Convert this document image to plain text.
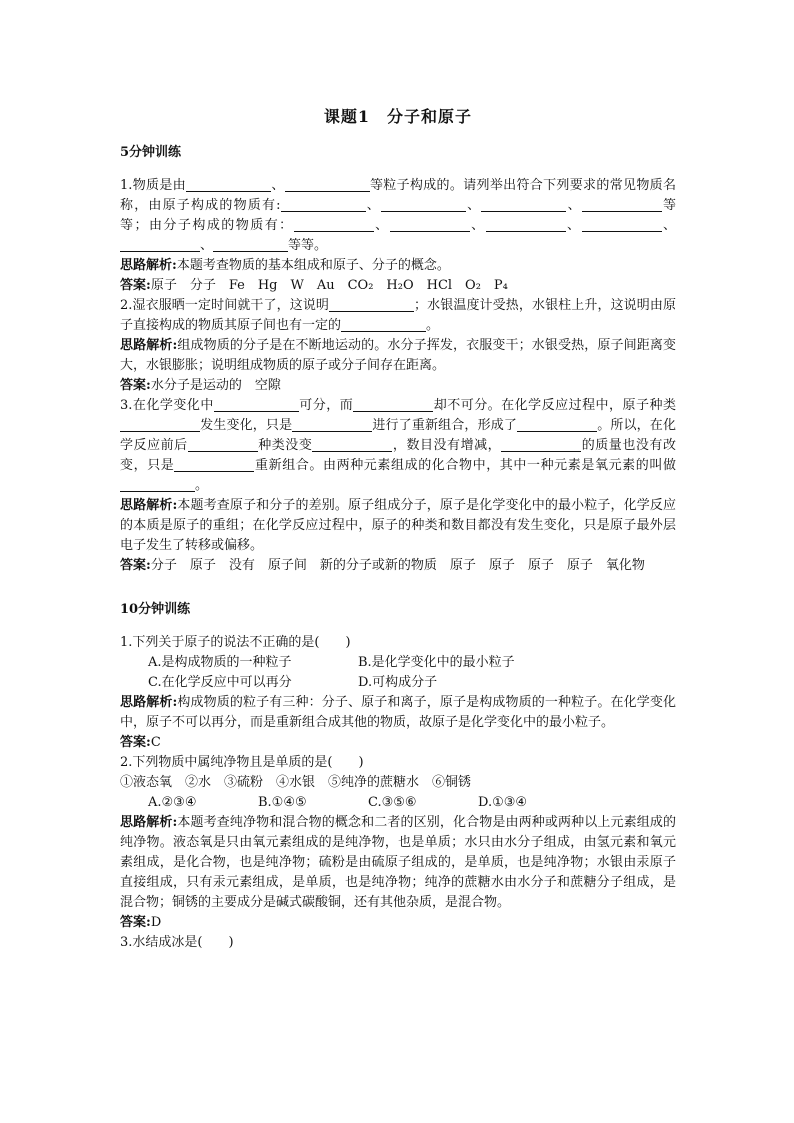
课题1　分子和原子
5分钟训练
1.物质是由	、	等粒子构成的。请列举出符合下列要求的常见物质名称，由原子构成的物质有:	、	、	、	等等；由分子构成的物质有：	、	、	、	、、	等等。
思路解析:本题考查物质的基本组成和原子、分子的概念。
答案:原子　分子　Fe　Hg　W　Au　CO₂　H₂O　HCl　O₂　P₄
2.湿衣服晒一定时间就干了，这说明	；水银温度计受热，水银柱上升，这说明由原子直接构成的物质其原子间也有一定的	。
思路解析:组成物质的分子是在不断地运动的。水分子挥发，衣服变干；水银受热，原子间距离变大，水银膨胀；说明组成物质的原子或分子间存在距离。
答案:水分子是运动的　空隙
3.在化学变化中	可分，而	却不可分。在化学反应过程中，原子种类发生变化，只是	进行了重新组合，形成了	。所以，在化学反应前后	种类没变	，数目没有增减，	的质量也没有改变，只是	重新组合。由两种元素组成的化合物中，其中一种元素是氧元素的叫做。
思路解析:本题考查原子和分子的差别。原子组成分子，原子是化学变化中的最小粒子，化学反应的本质是原子的重组；在化学反应过程中，原子的种类和数目都没有发生变化，只是原子最外层电子发生了转移或偏移。
答案:分子　原子　没有　原子间　新的分子或新的物质　原子　原子　原子　原子　氧化物
10分钟训练
1.下列关于原子的说法不正确的是(　　)
A.是构成物质的一种粒子	B.是化学变化中的最小粒子
C.在化学反应中可以再分	D.可构成分子
思路解析:构成物质的粒子有三种：分子、原子和离子，原子是构成物质的一种粒子。在化学变化中，原子不可以再分，而是重新组合成其他的物质，故原子是化学变化中的最小粒子。
答案:C
2.下列物质中属纯净物且是单质的是(　　)
①液态氧　②水　③硫粉　④水银　⑤纯净的蔗糖水　⑥铜锈
A.②③④	B.①④⑤	C.③⑤⑥	D.①③④
思路解析:本题考查纯净物和混合物的概念和二者的区别，化合物是由两种或两种以上元素组成的纯净物。液态氧是只由氧元素组成的是纯净物，也是单质；水只由水分子组成，由氢元素和氧元素组成，是化合物，也是纯净物；硫粉是由硫原子组成的，是单质，也是纯净物；水银由汞原子直接组成，只有汞元素组成，是单质，也是纯净物；纯净的蔗糖水由水分子和蔗糖分子组成，是混合物；铜锈的主要成分是碱式碳酸铜，还有其他杂质，是混合物。
答案:D
3.水结成冰是(　　)
